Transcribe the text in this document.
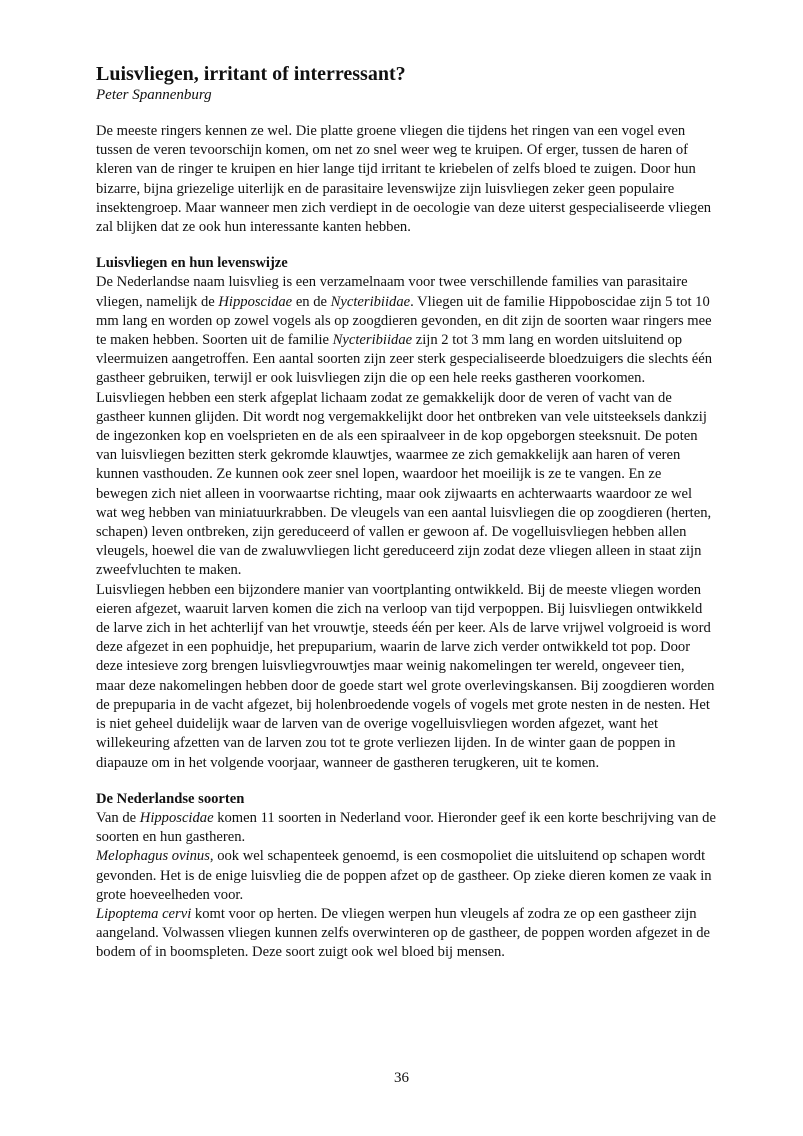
Luisvliegen, irritant of interressant?
Peter Spannenburg

De meeste ringers kennen ze wel. Die platte groene vliegen die tijdens het ringen van een vogel even tussen de veren tevoorschijn komen, om net zo snel weer weg te kruipen. Of erger, tussen de haren of kleren van de ringer te kruipen en hier lange tijd irritant te kriebelen of zelfs bloed te zuigen. Door hun bizarre, bijna griezelige uiterlijk en de parasitaire levenswijze zijn luisvliegen zeker geen populaire insektengroep. Maar wanneer men zich verdiept in de oecologie van deze uiterst gespecialiseerde vliegen zal blijken dat ze ook hun interessante kanten hebben.

Luisvliegen en hun levenswijze

De Nederlandse naam luisvlieg is een verzamelnaam voor twee verschillende families van parasitaire vliegen, namelijk de Hipposcidae en de Nycteribiidae. Vliegen uit de familie Hippoboscidae zijn 5 tot 10 mm lang en worden op zowel vogels als op zoogdieren gevonden, en dit zijn de soorten waar ringers mee te maken hebben. Soorten uit de familie Nycteribiidae zijn 2 tot 3 mm lang en worden uitsluitend op vleermuizen aangetroffen. Een aantal soorten zijn zeer sterk gespecialiseerde bloedzuigers die slechts één gastheer gebruiken, terwijl er ook luisvliegen zijn die op een hele reeks gastheren voorkomen.

Luisvliegen hebben een sterk afgeplat lichaam zodat ze gemakkelijk door de veren of vacht van de gastheer kunnen glijden. Dit wordt nog vergemakkelijkt door het ontbreken van vele uitsteeksels dankzij de ingezonken kop en voelsprieten en de als een spiraalveer in de kop opgeborgen steeksnuit. De poten van luisvliegen bezitten sterk gekromde klauwtjes, waarmee ze zich gemakkelijk aan haren of veren kunnen vasthouden. Ze kunnen ook zeer snel lopen, waardoor het moeilijk is ze te vangen. En ze bewegen zich niet alleen in voorwaartse richting, maar ook zijwaarts en achterwaarts waardoor ze wel wat weg hebben van miniatuurkrabben. De vleugels van een aantal luisvliegen die op zoogdieren (herten, schapen) leven ontbreken, zijn gereduceerd of vallen er gewoon af. De vogelluisvliegen hebben allen vleugels, hoewel die van de zwaluwvliegen licht gereduceerd zijn zodat deze vliegen alleen in staat zijn zweefvluchten te maken.

Luisvliegen hebben een bijzondere manier van voortplanting ontwikkeld. Bij de meeste vliegen worden eieren afgezet, waaruit larven komen die zich na verloop van tijd verpoppen. Bij luisvliegen ontwikkeld de larve zich in het achterlijf van het vrouwtje, steeds één per keer. Als de larve vrijwel volgroeid is word deze afgezet in een pophuidje, het prepuparium, waarin de larve zich verder ontwikkeld tot pop. Door deze intesieve zorg brengen luisvliegvrouwtjes maar weinig nakomelingen ter wereld, ongeveer tien, maar deze nakomelingen hebben door de goede start wel grote overlevingskansen. Bij zoogdieren worden de prepuparia in de vacht afgezet, bij holenbroedende vogels of vogels met grote nesten in de nesten. Het is niet geheel duidelijk waar de larven van de overige vogelluisvliegen worden afgezet, want het willekeuring afzetten van de larven zou tot te grote verliezen lijden. In de winter gaan de poppen in diapauze om in het volgende voorjaar, wanneer de gastheren terugkeren, uit te komen.

De Nederlandse soorten

Van de Hipposcidae komen 11 soorten in Nederland voor. Hieronder geef ik een korte beschrijving van de soorten en hun gastheren.

Melophagus ovinus, ook wel schapenteek genoemd, is een cosmopoliet die uitsluitend op schapen wordt gevonden. Het is de enige luisvlieg die de poppen afzet op de gastheer. Op zieke dieren komen ze vaak in grote hoeveelheden voor.

Lipoptema cervi komt voor op herten. De vliegen werpen hun vleugels af zodra ze op een gastheer zijn aangeland. Volwassen vliegen kunnen zelfs overwinteren op de gastheer, de poppen worden afgezet in de bodem of in boomspleten. Deze soort zuigt ook wel bloed bij mensen.

36
